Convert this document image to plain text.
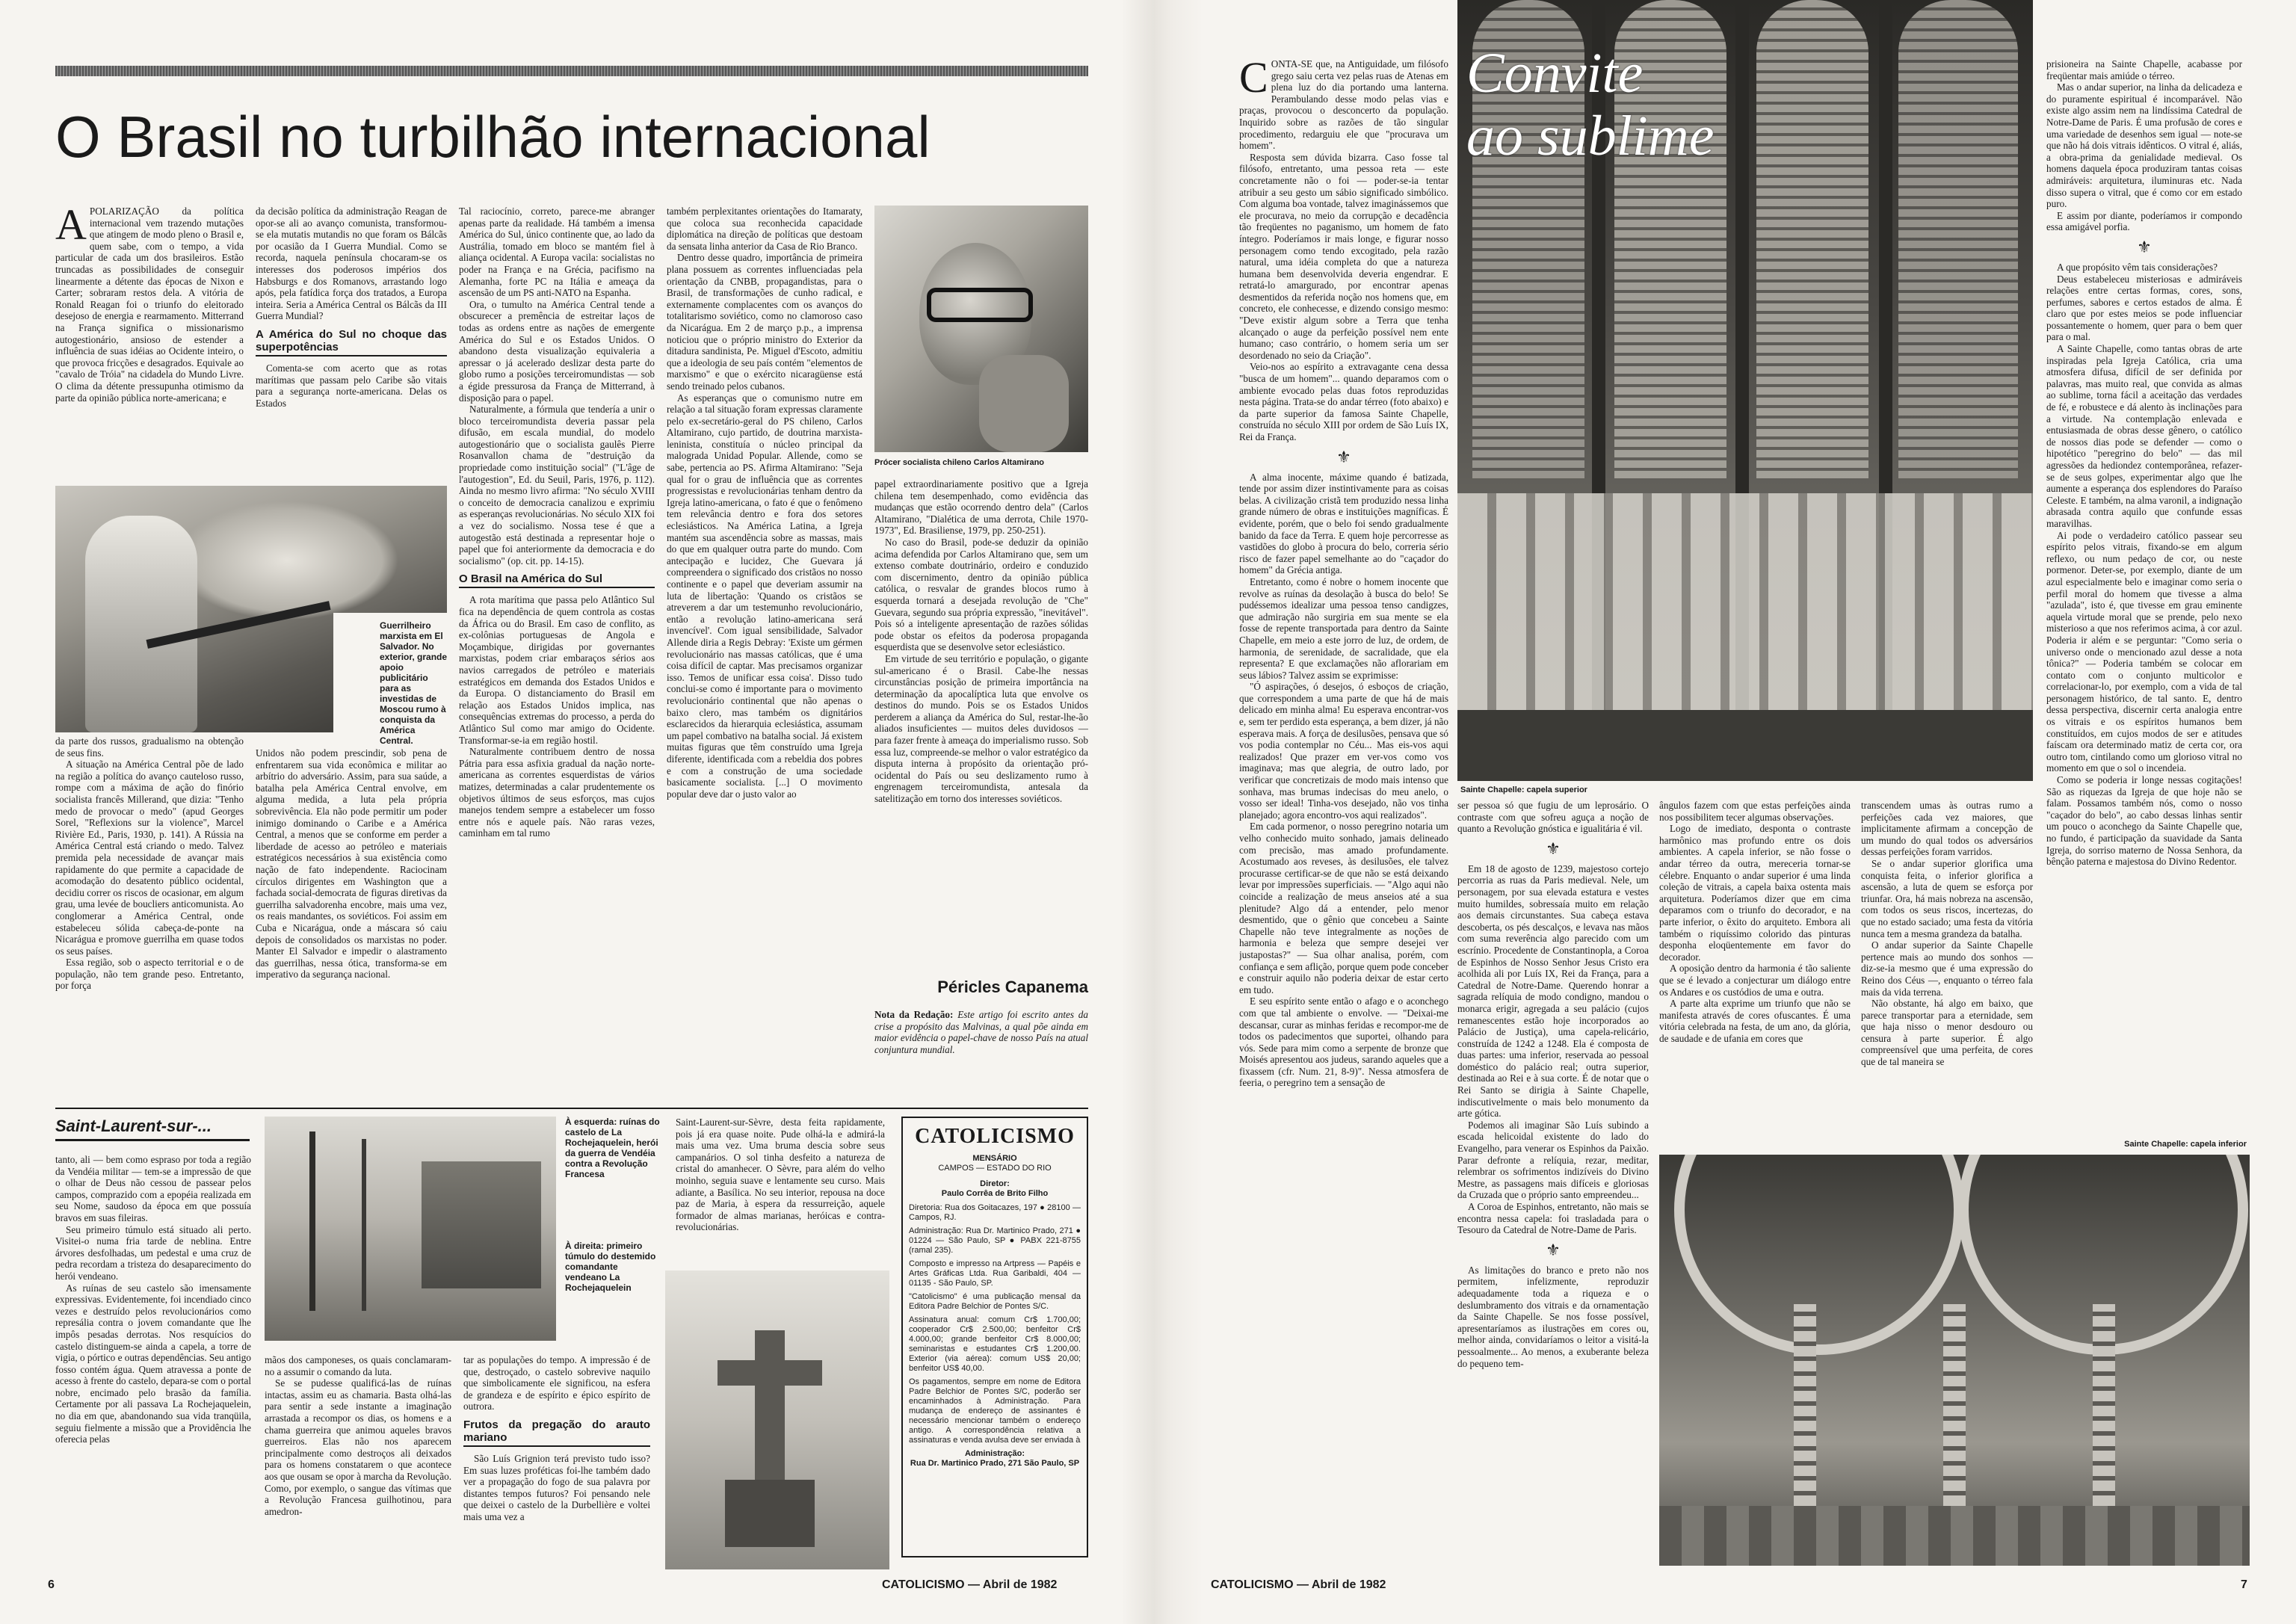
O Brasil no turbilhão internacional
A POLARIZAÇÃO da política internacional vem trazendo mutações que atingem de modo pleno o Brasil e, quem sabe, com o tempo, a vida particular de cada um dos brasileiros. Estão truncadas as possibilidades de conseguir linearmente a détente das épocas de Nixon e Carter; sobraram restos dela. A vitória de Ronald Reagan foi o triunfo do eleitorado desejoso de energia e rearmamento. Mitterrand na França significa o missionarismo autogestionário, ansioso de estender a influência de suas idéias ao Ocidente inteiro, o que provoca fricções e desagrados. Equivale ao "cavalo de Tróia" na cidadela do Mundo Livre. O clima da détente pressupunha otimismo da parte da opinião pública norte-americana; e

da decisão política da administração Reagan de opor-se ali ao avanço comunista, transformou-se ela mutatis mutandis no que foram os Bálcãs por ocasião da I Guerra Mundial. Como se recorda, naquela península chocaram-se os interesses dos poderosos impérios dos Habsburgs e dos Romanovs, arrastando logo após, pela fatídica força dos tratados, a Europa inteira. Seria a América Central os Bálcãs da III Guerra Mundial?

A América do Sul no choque das superpotências

Comenta-se com acerto que as rotas marítimas que passam pelo Caribe são vitais para a segurança norte-americana. Delas os Estados

Guerrilheiro marxista em El Salvador. No exterior, grande apoio publicitário para as investidas de Moscou rumo à conquista da América Central.

da parte dos russos, gradualismo na obtenção de seus fins.

A situação na América Central põe de lado na região a política do avanço cauteloso russo, rompe com a máxima de ação do finório socialista francês Millerand, que dizia: "Tenho medo de provocar o medo" (apud Georges Sorel, "Reflexions sur la violence", Marcel Rivière Ed., Paris, 1930, p. 141). A Rússia na América Central está criando o medo. Talvez premida pela necessidade de avançar mais rapidamente do que permite a capacidade de acomodação do desatento público ocidental, decidiu correr os riscos de ocasionar, em algum grau, uma levée de boucliers anticomunista. Ao conglomerar a América Central, onde estabeleceu sólida cabeça-de-ponte na Nicarágua e promove guerrilha em quase todos os seus países.

Essa região, sob o aspecto territorial e o de população, não tem grande peso. Entretanto, por força

Unidos não podem prescindir, sob pena de enfrentarem sua vida econômica e militar ao arbítrio do adversário. Assim, para sua saúde, a batalha pela América Central envolve, em alguma medida, a luta pela própria sobrevivência. Ela não pode permitir um poder inimigo dominando o Caribe e a América Central, a menos que se conforme em perder a liberdade de acesso ao petróleo e materiais estratégicos necessários à sua existência como nação de fato independente. Raciocinam círculos dirigentes em Washington que a fachada social-democrata de figuras diretivas da guerrilha salvadorenha encobre, mais uma vez, os reais mandantes, os soviéticos. Foi assim em Cuba e Nicarágua, onde a máscara só caiu depois de consolidados os marxistas no poder. Manter El Salvador e impedir o alastramento das guerrilhas, nessa ótica, transforma-se em imperativo da segurança nacional.

Tal raciocínio, correto, parece-me abranger apenas parte da realidade. Há também a imensa América do Sul, único continente que, ao lado da Austrália, tomado em bloco se mantém fiel à aliança ocidental. A Europa vacila: socialistas no poder na França e na Grécia, pacifismo na Alemanha, forte PC na Itália e ameaça da ascensão de um PS anti-NATO na Espanha.

Ora, o tumulto na América Central tende a obscurecer a premência de estreitar laços de todas as ordens entre as nações de emergente América do Sul e os Estados Unidos. O abandono desta visualização equivaleria a apressar o já acelerado deslizar desta parte do globo rumo a posições terceiromundistas — sob a égide pressurosa da França de Mitterrand, à disposição para o papel.

Naturalmente, a fórmula que tendería a unir o bloco terceiromundista deveria passar pela difusão, em escala mundial, do modelo autogestionário que o socialista gaulês Pierre Rosanvallon chama de "destruição da propriedade como instituição social" ("L'âge de l'autogestion", Ed. du Seuil, Paris, 1976, p. 112). Ainda no mesmo livro afirma: "No século XVIII o conceito de democracia canalizou e exprimiu as esperanças revolucionárias. No século XIX foi a vez do socialismo. Nossa tese é que a autogestão está destinada a representar hoje o papel que foi anteriormente da democracia e do socialismo" (op. cit. pp. 14-15).

O Brasil na América do Sul

A rota marítima que passa pelo Atlântico Sul fica na dependência de quem controla as costas da África ou do Brasil. Em caso de conflito, as ex-colônias portuguesas de Angola e Moçambique, dirigidas por governantes marxistas, podem criar embaraços sérios aos navios carregados de petróleo e materiais estratégicos em demanda dos Estados Unidos e da Europa. O distanciamento do Brasil em relação aos Estados Unidos implica, nas consequências extremas do processo, a perda do Atlântico Sul como mar amigo do Ocidente. Transformar-se-ia em região hostil.

Naturalmente contribuem dentro de nossa Pátria para essa asfixia gradual da nação norte-americana as correntes esquerdistas de vários matizes, determinadas a calar prudentemente os objetivos últimos de seus esforços, mas cujos manejos tendem sempre a estabelecer um fosso entre nós e aquele país. Não raras vezes, caminham em tal rumo

também perplexitantes orientações do Itamaraty, que coloca sua reconhecida capacidade diplomática na direção de políticas que destoam da sensata linha anterior da Casa de Rio Branco.

Dentro desse quadro, importância de primeira plana possuem as correntes influenciadas pela orientação da CNBB, propagandistas, para o Brasil, de transformações de cunho radical, e externamente complacentes com os avanços do totalitarismo soviético, como no clamoroso caso da Nicarágua. Em 2 de março p.p., a imprensa noticiou que o próprio ministro do Exterior da ditadura sandinista, Pe. Miguel d'Escoto, admitiu que a ideologia de seu país contém "elementos de marxismo" e que o exército nicaragüense está sendo treinado pelos cubanos.

As esperanças que o comunismo nutre em relação a tal situação foram expressas claramente pelo ex-secretário-geral do PS chileno, Carlos Altamirano, cujo partido, de doutrina marxista-leninista, constituía o núcleo principal da malograda Unidad Popular. Allende, como se sabe, pertencia ao PS. Afirma Altamirano: "Seja qual for o grau de influência que as correntes progressistas e revolucionárias tenham dentro da Igreja latino-americana, o fato é que o fenômeno tem relevância dentro e fora dos setores eclesiásticos. Na América Latina, a Igreja mantém sua ascendência sobre as massas, mais do que em qualquer outra parte do mundo. Com antecipação e lucidez, Che Guevara já compreendera o significado dos cristãos no nosso continente e o papel que deveriam assumir na luta de libertação: 'Quando os cristãos se atreverem a dar um testemunho revolucionário, então a revolução latino-americana será invencível'. Com igual sensibilidade, Salvador Allende diria a Regis Debray: 'Existe um gérmen revolucionário nas massas católicas, que é uma coisa difícil de captar. Mas precisamos organizar isso. Temos de unificar essa coisa'. Disso tudo conclui-se como é importante para o movimento revolucionário continental que não apenas o baixo clero, mas também os dignitários esclarecidos da hierarquia eclesiástica, assumam um papel combativo na batalha social. Já existem muitas figuras que têm construído uma Igreja diferente, identificada com a rebeldia dos pobres e com a construção de uma sociedade basicamente socialista. [...] O movimento popular deve dar o justo valor ao

Prócer socialista chileno Carlos Altamirano

papel extraordinariamente positivo que a Igreja chilena tem desempenhado, como evidência das mudanças que estão ocorrendo dentro dela" (Carlos Altamirano, "Dialética de uma derrota, Chile 1970-1973", Ed. Brasiliense, 1979, pp. 250-251).

No caso do Brasil, pode-se deduzir da opinião acima defendida por Carlos Altamirano que, sem um extenso combate doutrinário, ordeiro e conduzido com discernimento, dentro da opinião pública católica, o resvalar de grandes blocos rumo à esquerda tornará a desejada revolução de "Che" Guevara, segundo sua própria expressão, "inevitável". Pois só a inteligente apresentação de razões sólidas pode obstar os efeitos da poderosa propaganda esquerdista que se desenvolve setor eclesiástico.

Em virtude de seu território e população, o gigante sul-americano é o Brasil. Cabe-lhe nessas circunstâncias posição de primeira importância na determinação da apocalíptica luta que envolve os destinos do mundo. Pois se os Estados Unidos perderem a aliança da América do Sul, restar-lhe-ão aliados insuficientes — muitos deles duvidosos — para fazer frente à ameaça do imperialismo russo. Sob essa luz, compreende-se melhor o valor estratégico da disputa interna à propósito da orientação pró-ocidental do País ou seu deslizamento rumo à engrenagem terceiromundista, antesala da satelitização em torno dos interesses soviéticos.

Péricles Capanema
Nota da Redação: Este artigo foi escrito antes da crise a propósito das Malvinas, a qual põe ainda em maior evidência o papel-chave de nosso País na atual conjuntura mundial.
Saint-Laurent-sur-...

tanto, ali — bem como espraso por toda a região da Vendéia militar — tem-se a impressão de que o olhar de Deus não cessou de passear pelos campos, comprazido com a epopéia realizada em seu Nome, saudoso da época em que possuía bravos em suas fileiras.

Seu primeiro túmulo está situado ali perto. Visitei-o numa fria tarde de neblina. Entre árvores desfolhadas, um pedestal e uma cruz de pedra recordam a tristeza do desaparecimento do herói vendeano.

As ruínas de seu castelo são imensamente expressivas. Evidentemente, foi incendiado cinco vezes e destruído pelos revolucionários como represália contra o jovem comandante que lhe impôs pesadas derrotas. Nos resquícios do castelo distinguem-se ainda a capela, a torre de vigia, o pórtico e outras dependências. Seu antigo fosso contém água. Quem atravessa a ponte de acesso à frente do castelo, depara-se com o portal nobre, encimado pelo brasão da família. Certamente por ali passava La Rochejaquelein, no dia em que, abandonando sua vida tranqüila, seguiu fielmente a missão que a Providência lhe oferecia pelas

À esquerda: ruínas do castelo de La Rochejaquelein, herói da guerra de Vendéia contra a Revolução Francesa
À direita: primeiro túmulo do destemido comandante vendeano La Rochejaquelein

mãos dos camponeses, os quais conclamaram-no a assumir o comando da luta.

Se se pudesse qualificá-las de ruínas intactas, assim eu as chamaria. Basta olhá-las para sentir a sede instante a imaginação arrastada a recompor os dias, os homens e a chama guerreira que animou aqueles bravos guerreiros. Elas não nos aparecem principalmente como destroços ali deixados para os homens constatarem o que acontece aos que ousam se opor à marcha da Revolução. Como, por exemplo, o sangue das vítimas que a Revolução Francesa guilhotinou, para amedron-

tar as populações do tempo. A impressão é de que, destroçado, o castelo sobrevive naquilo que simbolicamente ele significou, na esfera de grandeza e de espírito e épico espírito de outrora.

Frutos da pregação do arauto mariano

São Luís Grignion terá previsto tudo isso? Em suas luzes proféticas foi-lhe também dado ver a propagação do fogo de sua palavra por distantes tempos futuros? Foi pensando nele que deixei o castelo de la Durbellière e voltei mais uma vez a

Saint-Laurent-sur-Sèvre, desta feita rapidamente, pois já era quase noite. Pude olhá-la e admirá-la mais uma vez. Uma bruma descia sobre seus campanários. O sol tinha desfeito a natureza de cristal do amanhecer. O Sèvre, para além do velho moinho, seguia suave e lentamente seu curso. Mais adiante, a Basílica. No seu interior, repousa na doce paz de Maria, à espera da ressurreição, aquele formador de almas marianas, heróicas e contra-revolucionárias.

CATOLICISMO
MENSÁRIO
CAMPOS — ESTADO DO RIO
Diretor:
Paulo Corrêa de Brito Filho

Diretoria: Rua dos Goitacazes, 197 ● 28100 — Campos, RJ.

Administração: Rua Dr. Martinico Prado, 271 ● 01224 — São Paulo, SP ● PABX 221-8755 (ramal 235).

Composto e impresso na Artpress — Papéis e Artes Gráficas Ltda. Rua Garibaldi, 404 — 01135 - São Paulo, SP.

"Catolicismo" é uma publicação mensal da Editora Padre Belchior de Pontes S/C.

Assinatura anual: comum Cr$ 1.700,00; cooperador Cr$ 2.500,00; benfeitor Cr$ 4.000,00; grande benfeitor Cr$ 8.000,00; seminaristas e estudantes Cr$ 1.200,00. Exterior (via aérea): comum US$ 20,00; benfeitor US$ 40,00.

Os pagamentos, sempre em nome de Editora Padre Belchior de Pontes S/C, poderão ser encaminhados à Administração. Para mudança de endereço de assinantes é necessário mencionar também o endereço antigo. A correspondência relativa a assinaturas e venda avulsa deve ser enviada à

Administração:
Rua Dr. Martinico Prado, 271 São Paulo, SP
6	CATOLICISMO — Abril de 1982
C ONTA-SE que, na Antiguidade, um filósofo grego saiu certa vez pelas ruas de Atenas em plena luz do dia portando uma lanterna. Perambulando desse modo pelas vias e praças, provocou o desconcerto da população. Inquirido sobre as razões de tão singular procedimento, redarguiu ele que "procurava um homem".

Resposta sem dúvida bizarra. Caso fosse tal filósofo, entretanto, uma pessoa reta — este concretamente não o foi — poder-se-ia tentar atribuir a seu gesto um sábio significado simbólico. Com alguma boa vontade, talvez imaginássemos que ele procurava, no meio da corrupção e decadência tão freqüentes no paganismo, um homem de fato íntegro. Poderíamos ir mais longe, e figurar nosso personagem como tendo excogitado, pela razão natural, uma idéia completa do que a natureza humana bem desenvolvida deveria engendrar. E retratá-lo amargurado, por encontrar apenas desmentidos da referida noção nos homens que, em concreto, ele conhecesse, e dizendo consigo mesmo: "Deve existir algum sobre a Terra que tenha alcançado o auge da perfeição possível nem ente humano; caso contrário, o homem seria um ser desordenado no seio da Criação".

Veio-nos ao espírito a extravagante cena dessa "busca de um homem"... quando deparamos com o ambiente evocado pelas duas fotos reproduzidas nesta página. Trata-se do andar térreo (foto abaixo) e da parte superior da famosa Sainte Chapelle, construída no século XIII por ordem de São Luís IX, Rei da França.

⚜

A alma inocente, máxime quando é batizada, tende por assim dizer instintivamente para as coisas belas. A civilização cristã tem produzido nessa linha grande número de obras e instituições magníficas. É evidente, porém, que o belo foi sendo gradualmente banido da face da Terra. E quem hoje percorresse as vastidões do globo à procura do belo, correria sério risco de fazer papel semelhante ao do "caçador do homem" da Grécia antiga.

Entretanto, como é nobre o homem inocente que revolve as ruínas da desolação à busca do belo! Se pudéssemos idealizar uma pessoa tenso candigzes, que admiração não surgiria em sua mente se ela fosse de repente transportada para dentro da Sainte Chapelle, em meio a este jorro de luz, de ordem, de harmonia, de serenidade, de sacralidade, que ela representa? E que exclamações não aflorariam em seus lábios? Talvez assim se exprimisse:

"Ó aspirações, ó desejos, ó esboços de criação, que correspondem a uma parte de que há de mais delicado em minha alma! Eu esperava encontrar-vos e, sem ter perdido esta esperança, a bem dizer, já não esperava mais. A força de desilusões, pensava que só vos podia contemplar no Céu... Mas eis-vos aqui realizados! Que prazer em ver-vos como vos imaginava; mas que alegria, de outro lado, por verificar que concretizais de modo mais intenso que sonhava, mas brumas indecisas do meu anelo, o vosso ser ideal! Tinha-vos desejado, não vos tinha planejado; agora encontro-vos aqui realizados".

Em cada pormenor, o nosso peregrino notaria um velho conhecido muito sonhado, jamais delineado com precisão, mas amado profundamente. Acostumado aos reveses, às desilusões, ele talvez procurasse certificar-se de que não se está deixando levar por impressões superficiais. — "Algo aqui não coincide a realização de meus anseios até a sua plenitude? Algo dá a entender, pelo menor desmentido, que o gênio que concebeu a Sainte Chapelle não teve integralmente as noções de harmonia e beleza que sempre desejei ver justapostas?" — Sua olhar analisa, porém, com confiança e sem aflição, porque quem pode conceber e construir aquilo não poderia deixar de estar certo em tudo.

E seu espírito sente então o afago e o aconchego com que tal ambiente o envolve. — "Deixai-me descansar, curar as minhas feridas e recompor-me de todos os padecimentos que suportei, olhando para vós. Sede para mim como a serpente de bronze que Moisés apresentou aos judeus, sarando aqueles que a fixassem (cfr. Num. 21, 8-9)". Nessa atmosfera de feeria, o peregrino tem a sensação de

Convite
ao sublime
Sainte Chapelle: capela superior

ser pessoa só que fugiu de um leprosário. O contraste com que sofreu aguça a noção de quanto a Revolução gnóstica e igualitária é vil.

⚜

Em 18 de agosto de 1239, majestoso cortejo percorria as ruas da Paris medieval. Nele, um personagem, por sua elevada estatura e vestes muito humildes, sobressaía muito em relação aos demais circunstantes. Sua cabeça estava descoberta, os pés descalços, e levava nas mãos com suma reverência algo parecido com um escrínio. Procedente de Constantinopla, a Coroa de Espinhos de Nosso Senhor Jesus Cristo era acolhida ali por Luís IX, Rei da França, para a Catedral de Notre-Dame. Querendo honrar a sagrada relíquia de modo condigno, mandou o monarca erigir, agregada a seu palácio (cujos remanescentes estão hoje incorporados ao Palácio de Justiça), uma capela-relicário, construída de 1242 a 1248. Ela é composta de duas partes: uma inferior, reservada ao pessoal doméstico do palácio real; outra superior, destinada ao Rei e à sua corte. É de notar que o Rei Santo se dirigia à Sainte Chapelle, indiscutivelmente o mais belo monumento da arte gótica.

Podemos ali imaginar São Luís subindo a escada helicoidal existente do lado do Evangelho, para venerar os Espinhos da Paixão. Parar defronte a relíquia, rezar, meditar, relembrar os sofrimentos indizíveis do Divino Mestre, as passagens mais difíceis e gloriosas da Cruzada que o próprio santo empreendeu...

A Coroa de Espinhos, entretanto, não mais se encontra nessa capela: foi trasladada para o Tesouro da Catedral de Notre-Dame de Paris.

⚜

As limitações do branco e preto não nos permitem, infelizmente, reproduzir adequadamente toda a riqueza e o deslumbramento dos vitrais e da ornamentação da Sainte Chapelle. Se nos fosse possível, apresentaríamos as ilustrações em cores ou, melhor ainda, convidaríamos o leitor a visitá-la pessoalmente... Ao menos, a exuberante beleza do pequeno tem-

ângulos fazem com que estas perfeições ainda nos possibilitem tecer algumas observações.

Logo de imediato, desponta o contraste harmônico mas profundo entre os dois ambientes. A capela inferior, se não fosse o andar térreo da outra, mereceria tornar-se célebre. Enquanto o andar superior é uma linda coleção de vitrais, a capela baixa ostenta mais arquitetura. Poderíamos dizer que em cima deparamos com o triunfo do decorador, e na parte inferior, o êxito do arquiteto. Embora ali também o riquíssimo colorido das pinturas desponha eloqüentemente em favor do decorador.

A oposição dentro da harmonia é tão saliente que se é levado a conjecturar um diálogo entre os Andares e os custódios de uma e outra.

A parte alta exprime um triunfo que não se manifesta através de cores ofuscantes. É uma vitória celebrada na festa, de um ano, da glória, de saudade e de ufania em cores que

transcendem umas às outras rumo a perfeições cada vez maiores, que implicitamente afirmam a concepção de um mundo do qual todos os adversários dessas perfeições foram varridos.

Se o andar superior glorifica uma conquista feita, o inferior glorifica a ascensão, a luta de quem se esforça por triunfar. Ora, há mais nobreza na ascensão, com todos os seus riscos, incertezas, do que no estado saciado; uma festa da vitória nunca tem a mesma grandeza da batalha.

O andar superior da Sainte Chapelle pertence mais ao mundo dos sonhos — diz-se-ia mesmo que é uma expressão do Reino dos Céus —, enquanto o térreo fala mais da vida terrena.

Não obstante, há algo em baixo, que parece transportar para a eternidade, sem que haja nisso o menor desdouro ou censura à parte superior. É algo compreensível que uma perfeita, de cores que de tal maneira se

prisioneira na Sainte Chapelle, acabasse por freqüentar mais amiúde o térreo.

Mas o andar superior, na linha da delicadeza e do puramente espiritual é incomparável. Não existe algo assim nem na lindíssima Catedral de Notre-Dame de Paris. É uma profusão de cores e uma variedade de desenhos sem igual — note-se que não há dois vitrais idênticos. O vitral é, aliás, a obra-prima da genialidade medieval. Os homens daquela época produziram tantas coisas admiráveis: arquitetura, iluminuras etc. Nada disso supera o vitral, que é como cor em estado puro.

E assim por diante, poderíamos ir compondo essa amigável porfia.

⚜

A que propósito vêm tais considerações?

Deus estabeleceu misteriosas e admiráveis relações entre certas formas, cores, sons, perfumes, sabores e certos estados de alma. É claro que por estes meios se pode influenciar possantemente o homem, quer para o bem quer para o mal.

A Sainte Chapelle, como tantas obras de arte inspiradas pela Igreja Católica, cria uma atmosfera difusa, difícil de ser definida por palavras, mas muito real, que convida as almas ao sublime, torna fácil a aceitação das verdades de fé, e robustece e dá alento às inclinações para a virtude. Na contemplação enlevada e entusiasmada de obras desse gênero, o católico de nossos dias pode se defender — como o hipotético "peregrino do belo" — das mil agressões da hediondez contemporânea, refazer-se de seus golpes, experimentar algo que lhe aumente a esperança dos esplendores do Paraíso Celeste. E também, na alma varonil, a indignação abrasada contra aquilo que confunde essas maravilhas.

Ai pode o verdadeiro católico passear seu espírito pelos vitrais, fixando-se em algum reflexo, ou num pedaço de cor, ou neste pormenor. Deter-se, por exemplo, diante de um azul especialmente belo e imaginar como seria o perfil moral do homem que tivesse a alma "azulada", isto é, que tivesse em grau eminente aquela virtude moral que se prende, pelo nexo misterioso a que nos referimos acima, à cor azul. Poderia ir além e se perguntar: "Como seria o universo onde o mencionado azul desse a nota tônica?" — Poderia também se colocar em contato com o conjunto multicolor e correlacionar-lo, por exemplo, com a vida de tal personagem histórico, de tal santo. E, dentro dessa perspectiva, discernir certa analogia entre os vitrais e os espíritos humanos bem constituídos, em cujos modos de ser e atitudes faíscam ora determinado matiz de certa cor, ora outro tom, cintilando como um glorioso vitral no momento em que o sol o incendeia.

Como se poderia ir longe nessas cogitações! São as riquezas da Igreja de que hoje não se falam. Possamos também nós, como o nosso "caçador do belo", ao cabo dessas linhas sentir um pouco o aconchego da Sainte Chapelle que, no fundo, é participação da suavidade da Santa Igreja, do sorriso materno de Nossa Senhora, da bênção paterna e majestosa do Divino Redentor.

Sainte Chapelle: capela inferior
CATOLICISMO — Abril de 1982	7
